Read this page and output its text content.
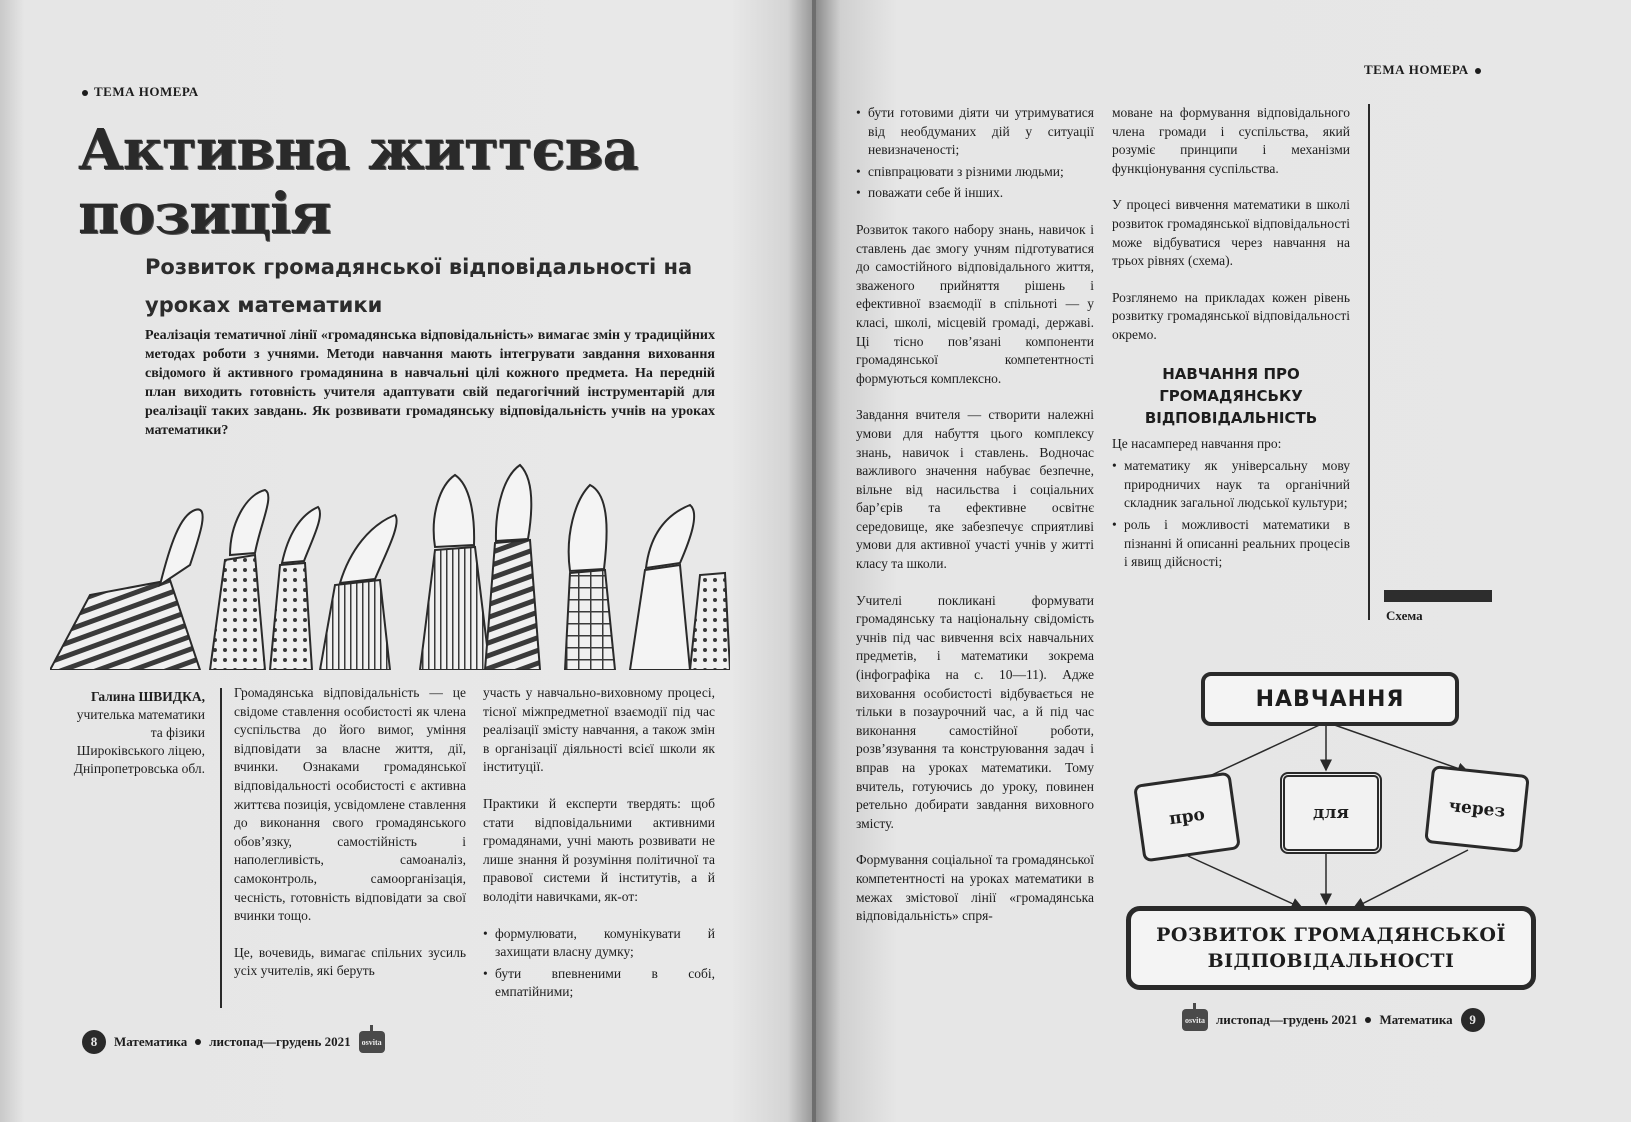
ТЕМА НОМЕРА
Активна життєва
позиція
Розвиток громадянської відповідальності на уроках математики

Реалізація тематичної лінії «громадянська відповідальність» вимагає змін у традиційних методах роботи з учнями. Методи навчання мають інтегрувати завдання виховання свідомого й активного громадянина в навчальні цілі кожного предмета. На передній план виходить готовність учителя адаптувати свій педагогічний інструментарій для реалізації таких завдань. Як розвивати громадянську відповідальність учнів на уроках математики?

Галина ШВИДКА,
учителька математики та фізики Широківського ліцею, Дніпропетровська обл.

Громадянська відповідальність — це свідоме ставлення особистості як члена суспільства до його вимог, уміння відповідати за власне життя, дії, вчинки. Ознаками громадянської відповідальності особистості є активна життєва позиція, усвідомлене ставлення до виконання свого громадянського обов’язку, самостійність і наполегливість, самоаналіз, самоконтроль, самоорганізація, чесність, готовність відповідати за свої вчинки тощо.

Це, вочевидь, вимагає спільних зусиль усіх учителів, які беруть

участь у навчально-виховному процесі, тісної міжпредметної взаємодії під час реалізації змісту навчання, а також змін в організації діяльності всієї школи як інституції.

Практики й експерти твердять: щоб стати відповідальними активними громадянами, учні мають розвивати не лише знання й розуміння політичної та правової системи й інститутів, а й володіти навичками, як-от:

• формулювати, комунікувати й захищати власну думку;
• бути впевненими в собі, емпатійними;
8	Математика листопад—грудень 2021	osvita
ТЕМА НОМЕРА
• бути готовими діяти чи утримуватися від необдуманих дій у ситуації невизначеності;
• співпрацювати з різними людьми;
• поважати себе й інших.

Розвиток такого набору знань, навичок і ставлень дає змогу учням підготуватися до самостійного відповідального життя, зваженого прийняття рішень і ефективної взаємодії в спільноті — у класі, школі, місцевій громаді, державі. Ці тісно пов’язані компоненти громадянської компетентності формуються комплексно.

Завдання вчителя — створити належні умови для набуття цього комплексу знань, навичок і ставлень. Водночас важливого значення набуває безпечне, вільне від насильства і соціальних бар’єрів та ефективне освітнє середовище, яке забезпечує сприятливі умови для активної участі учнів у житті класу та школи.

Учителі покликані формувати громадянську та національну свідомість учнів під час вивчення всіх навчальних предметів, і математики зокрема (інфографіка на с. 10—11). Адже виховання особистості відбувається не тільки в позаурочний час, а й під час виконання самостійної роботи, розв’язування та конструювання задач і вправ на уроках математики. Тому вчитель, готуючись до уроку, повинен ретельно добирати завдання виховного змісту.

Формування соціальної та громадянської компетентності на уроках математики в межах змістової лінії «громадянська відповідальність» спря-

моване на формування відповідального члена громади і суспільства, який розуміє принципи і механізми функціонування суспільства.

У процесі вивчення математики в школі розвиток громадянської відповідальності може відбуватися через навчання на трьох рівнях (схема).

Розглянемо на прикладах кожен рівень розвитку громадянської відповідальності окремо.

НАВЧАННЯ ПРО ГРОМАДЯНСЬКУ ВІДПОВІДАЛЬНІСТЬ

Це насамперед навчання про:

• математику як універсальну мову природничих наук та органічний складник загальної людської культури;
• роль і можливості математики в пізнанні й описанні реальних процесів і явищ дійсності;
Схема
НАВЧАННЯ
про	для	через
РОЗВИТОК ГРОМАДЯНСЬКОЇ ВІДПОВІДАЛЬНОСТІ
osvita листопад—грудень 2021 Математика	9
